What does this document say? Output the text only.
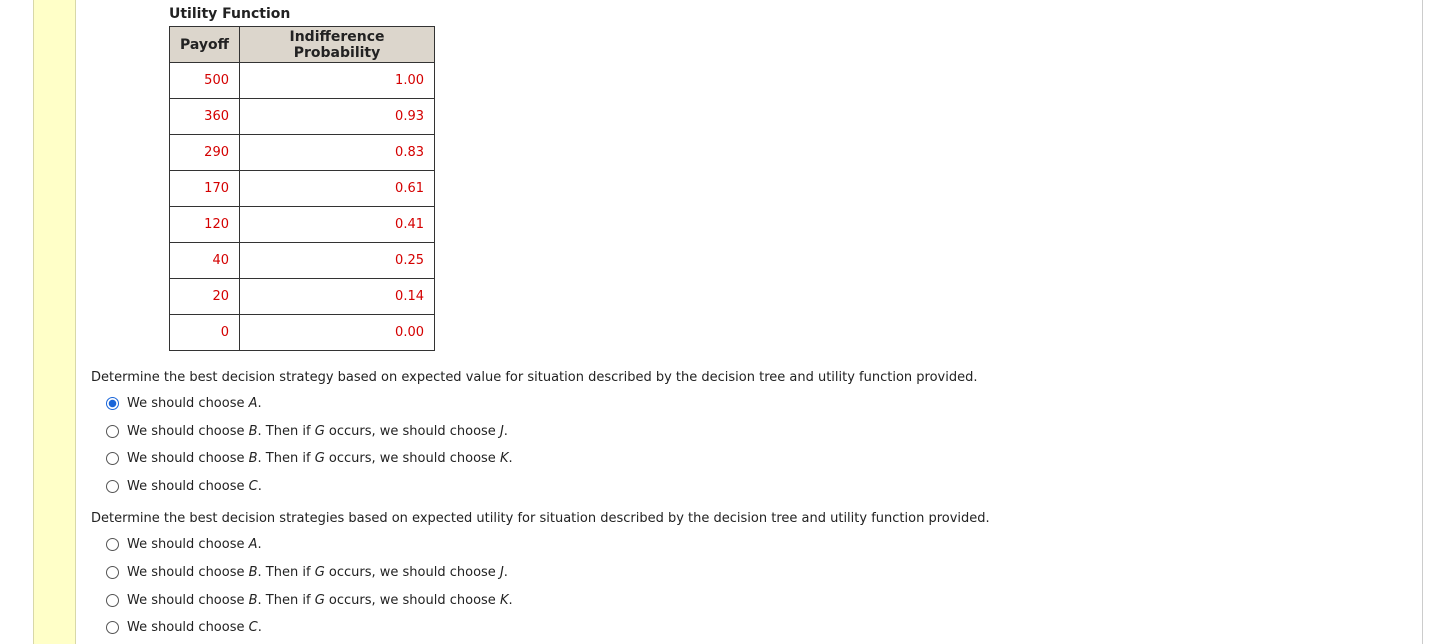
Utility Function
Payoff	Indifference Probability
500	1.00
360	0.93
290	0.83
170	0.61
120	0.41
40	0.25
20	0.14
0	0.00
Determine the best decision strategy based on expected value for situation described by the decision tree and utility function provided.
We should choose A.
We should choose B. Then if G occurs, we should choose J.
We should choose B. Then if G occurs, we should choose K.
We should choose C.
Determine the best decision strategies based on expected utility for situation described by the decision tree and utility function provided.
We should choose A.
We should choose B. Then if G occurs, we should choose J.
We should choose B. Then if G occurs, we should choose K.
We should choose C.
